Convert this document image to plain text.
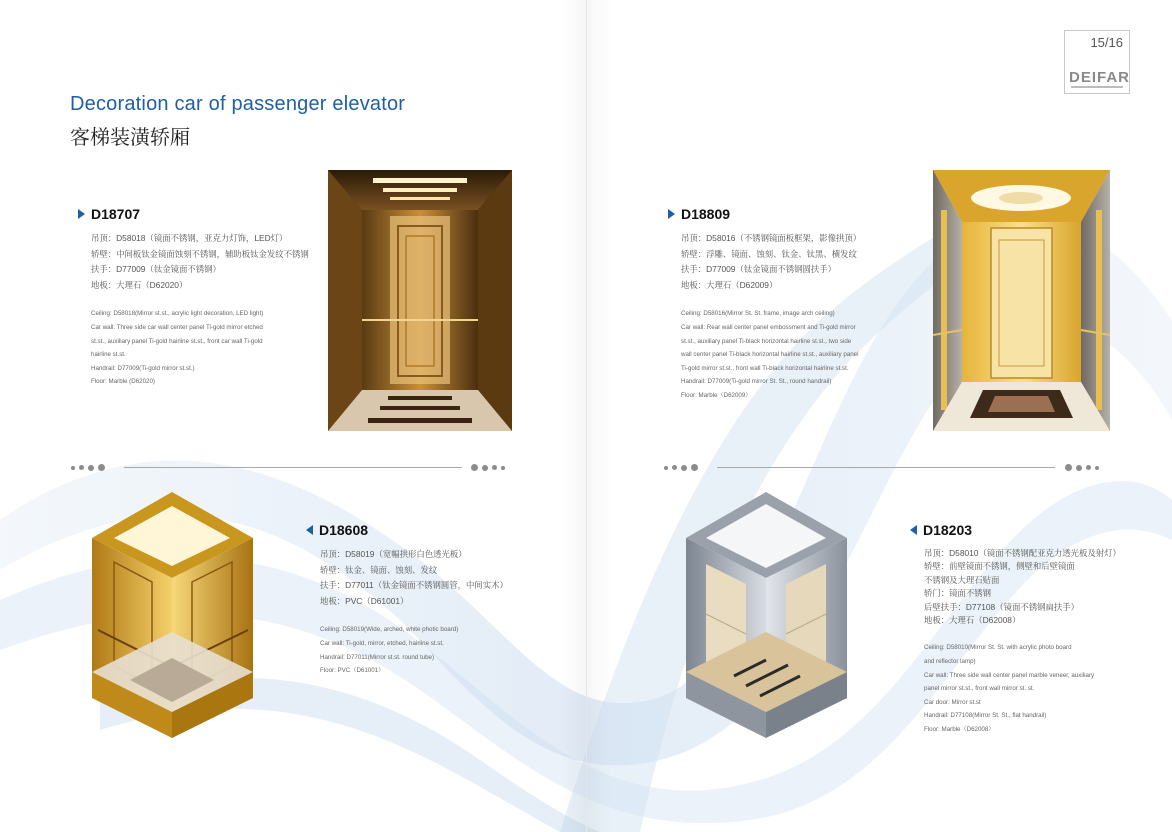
Decoration car of passenger elevator
客梯装潢轿厢
15/16
DEIFAR
D18707
吊顶：D58018（镜面不锈钢，亚克力灯饰，LED灯）
轿壁：中间板钛金镜面蚀刻不锈钢，辅助板钛金发纹不锈钢
扶手：D77009（钛金镜面不锈钢）
地板：大理石（D62020）
Ceiling: D58018(Mirror st.st., acrylic light decoration, LED light)
Car wall: Three side car wall center panel Ti-gold mirror etched
st.st., auxiliary panel Ti-gold hairline st.st., front car wall Ti-gold
hairline st.st.
Handrail: D77009(Ti-gold mirror st.st.)
Floor: Marble (D62020)
D18809
吊顶：D58016（不锈钢镜面板框架，影像拱顶）
轿壁：浮雕、镜面、蚀刻、钛金、钛黑、横发纹
扶手：D77009（钛金镜面不锈钢圆扶手）
地板：大理石（D62009）
Ceiling: D58016(Mirror St. St. frame, image arch ceiling)
Car wall: Rear wall center panel embossment and Ti-gold mirror
st.st., auxiliary panel Ti-black horizontal hairline st.st., two side
wall center panel Ti-black horizontal hairline st.st., auxiliary panel
Ti-gold mirror st.st., front wall Ti-black horizontal hairline st.st.
Handrail: D77009(Ti-gold mirror St. St., round handrail)
Floor: Marble（D62009）
D18608
吊顶：D58019（宽幅拱形白色透光板）
轿壁：钛金、镜面、蚀刻、发纹
扶手：D77011（钛金镜面不锈钢圆管，中间实木）
地板：PVC（D61001）
Ceiling: D58019(Wide, arched, white photic board)
Car wall: Ti-gold, mirror, etched, hairline st.st.
Handrail: D77011(Mirror st.st. round tube)
Floor: PVC（D61001）
D18203
吊顶：D58010（镜面不锈钢配亚克力透光板及射灯）
轿壁：前壁镜面不锈钢，侧壁和后壁镜面
不锈钢及大理石贴面
轿门：镜面不锈钢
后壁扶手：D77108（镜面不锈钢扁扶手）
地板：大理石（D62008）
Ceiling: D58010(Mirror St. St. with acrylic photo board
and reflector lamp)
Car wall: Three side wall center panel marble veneer, auxiliary
panel mirror st.st., front wall mirror st. st.
Car door: Mirror st.st
Handrail: D77108(Mirror St. St., flat handrail)
Floor: Marble（D62008）
